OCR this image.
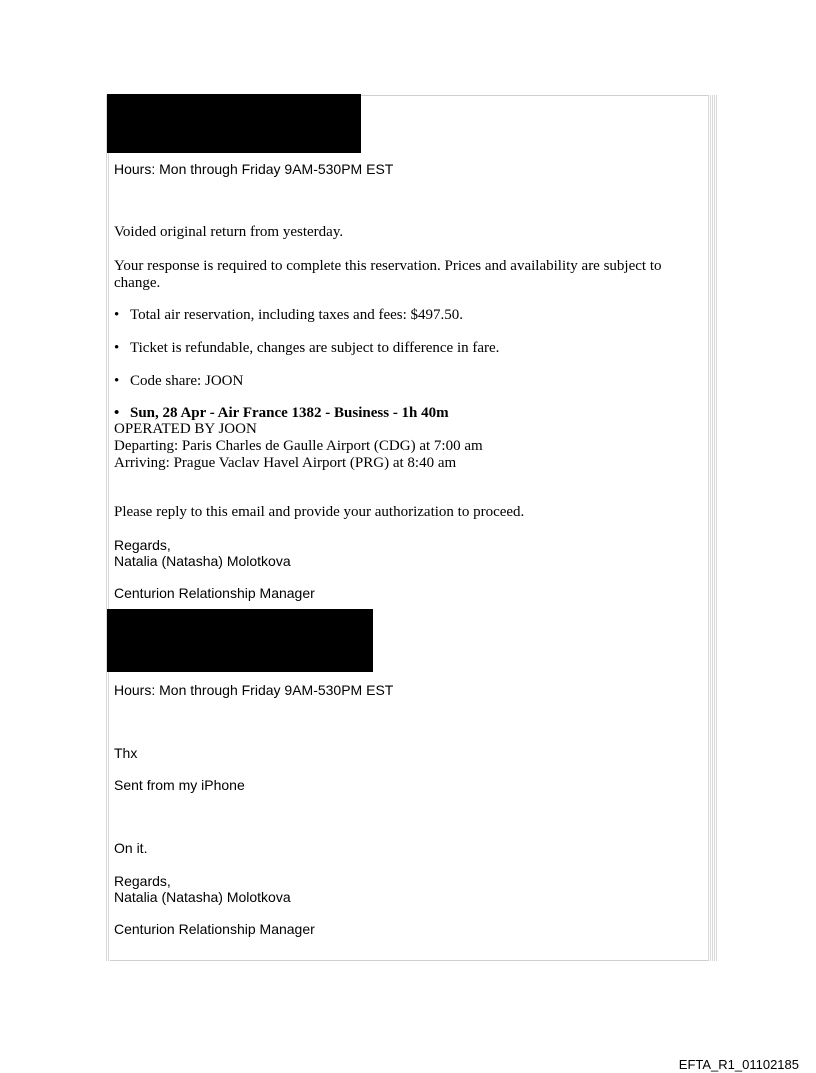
Hours: Mon through Friday 9AM-530PM EST

Voided original return from yesterday.

Your response is required to complete this reservation. Prices and availability are subject to change.

• Total air reservation, including taxes and fees: $497.50.

• Ticket is refundable, changes are subject to difference in fare.

• Code share: JOON

• Sun, 28 Apr - Air France 1382 - Business - 1h 40m

OPERATED BY JOON

Departing: Paris Charles de Gaulle Airport (CDG) at 7:00 am

Arriving: Prague Vaclav Havel Airport (PRG) at 8:40 am

Please reply to this email and provide your authorization to proceed.

Regards,

Natalia (Natasha) Molotkova

Centurion Relationship Manager

Hours: Mon through Friday 9AM-530PM EST

Thx

Sent from my iPhone

On it.

Regards,

Natalia (Natasha) Molotkova

Centurion Relationship Manager

EFTA_R1_01102185
